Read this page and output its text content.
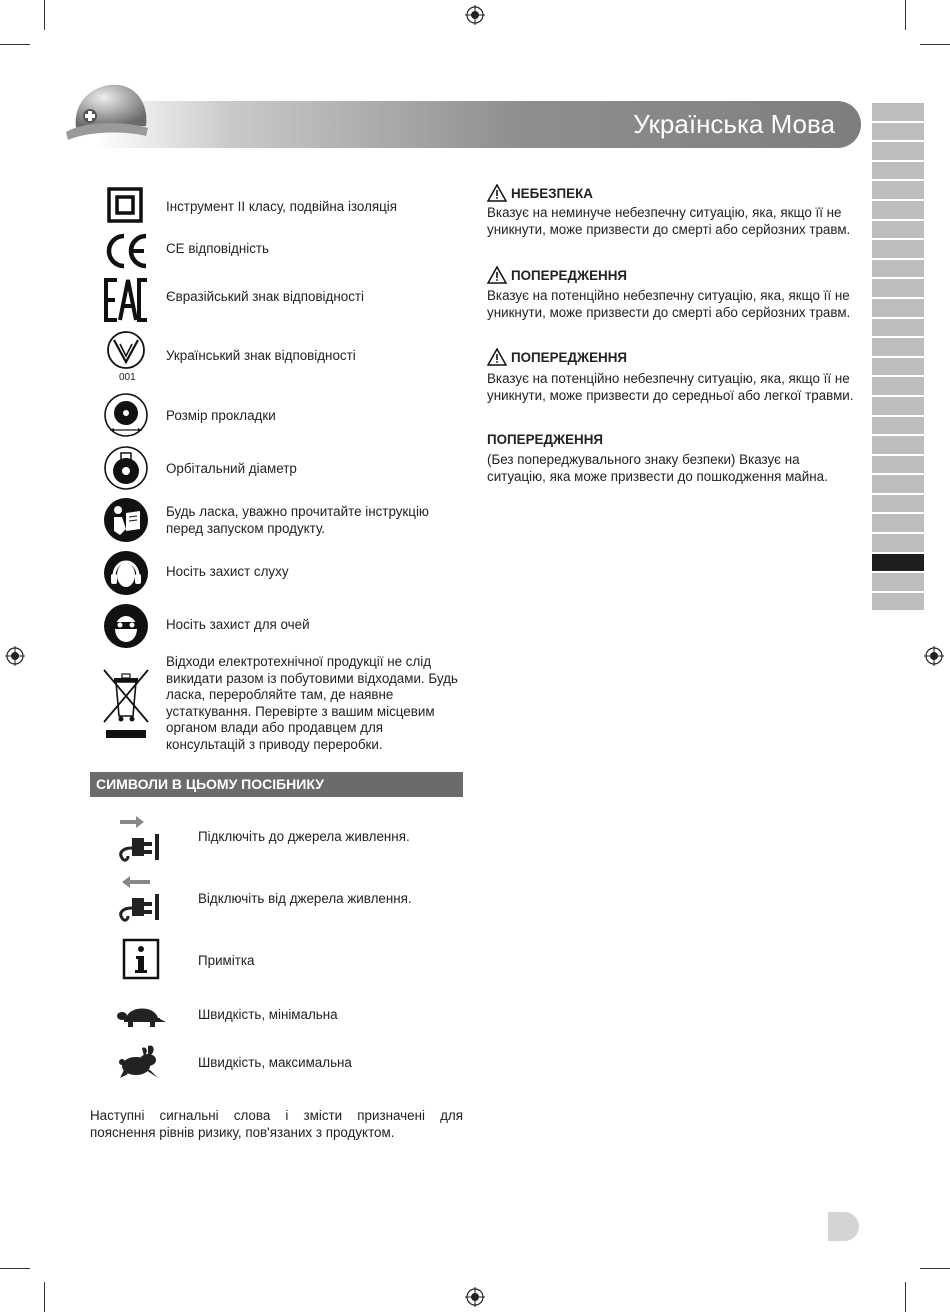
Українська Мова
Інструмент II класу, подвійна ізоляція
CE відповідність
Євразійський знак відповідності
001
Український знак відповідності
Розмір прокладки
Орбітальний діаметр
Будь ласка, уважно прочитайте інструкцію перед запуском продукту.
Носіть захист слуху
Носіть захист для очей
Відходи електротехнічної продукції не слід викидати разом із побутовими відходами. Будь ласка, переробляйте там, де наявне устаткування. Перевірте з вашим місцевим органом влади або продавцем для консультацій з приводу переробки.
СИМВОЛИ В ЦЬОМУ ПОСІБНИКУ
Підключіть до джерела живлення.
Відключіть від джерела живлення.
Примітка
Швидкість, мінімальна
Швидкість, максимальна
Наступні сигнальні слова і змісти призначені для пояснення рівнів ризику, пов'язаних з продуктом.
НЕБЕЗПЕКА
Вказує на неминуче небезпечну ситуацію, яка, якщо її не уникнути, може призвести до смерті або серйозних травм.
ПОПЕРЕДЖЕННЯ
Вказує на потенційно небезпечну ситуацію, яка, якщо її не уникнути, може призвести до смерті або серйозних травм.
ПОПЕРЕДЖЕННЯ
Вказує на потенційно небезпечну ситуацію, яка, якщо її не уникнути, може призвести до середньої або легкої травми.
ПОПЕРЕДЖЕННЯ
(Без попереджувального знаку безпеки) Вказує на ситуацію, яка може призвести до пошкодження майна.
